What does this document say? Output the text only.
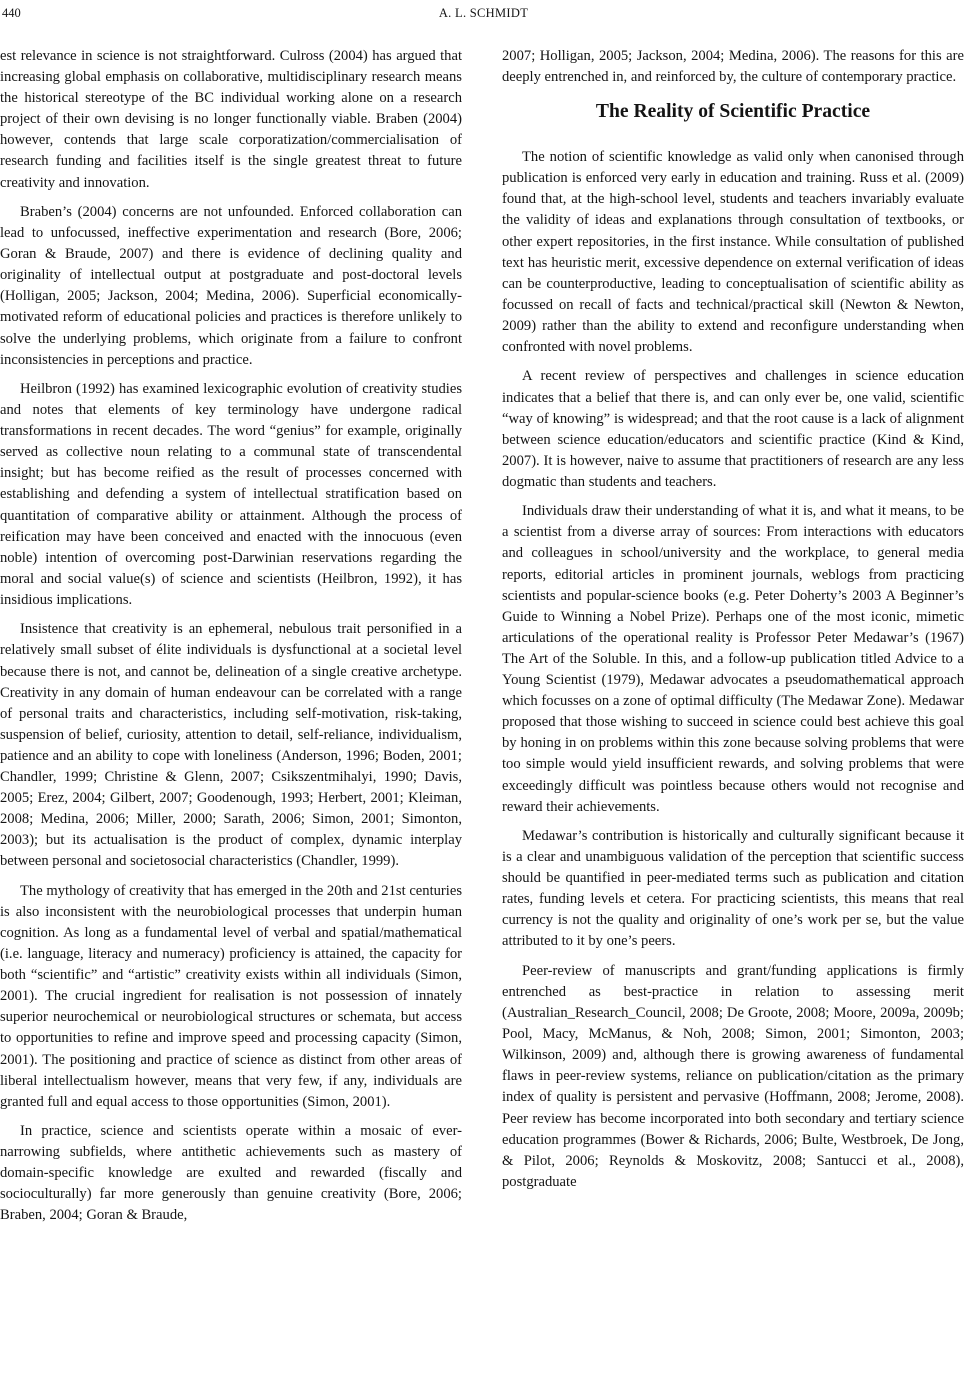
440	A. L. SCHMIDT

est relevance in science is not straightforward. Culross (2004) has argued that increasing global emphasis on collaborative, multidisciplinary research means the historical stereotype of the BC individual working alone on a research project of their own devising is no longer functionally viable. Braben (2004) however, contends that large scale corporatization/commercialisation of research funding and facilities itself is the single greatest threat to future creativity and innovation.

Braben’s (2004) concerns are not unfounded. Enforced collaboration can lead to unfocussed, ineffective experimentation and research (Bore, 2006; Goran & Braude, 2007) and there is evidence of declining quality and originality of intellectual output at postgraduate and post-doctoral levels (Holligan, 2005; Jackson, 2004; Medina, 2006). Superficial economically-motivated reform of educational policies and practices is therefore unlikely to solve the underlying problems, which originate from a failure to confront inconsistencies in perceptions and practice.

Heilbron (1992) has examined lexicographic evolution of creativity studies and notes that elements of key terminology have undergone radical transformations in recent decades. The word “genius” for example, originally served as collective noun relating to a communal state of transcendental insight; but has become reified as the result of processes concerned with establishing and defending a system of intellectual stratification based on quantitation of comparative ability or attainment. Although the process of reification may have been conceived and enacted with the innocuous (even noble) intention of overcoming post-Darwinian reservations regarding the moral and social value(s) of science and scientists (Heilbron, 1992), it has insidious implications.

Insistence that creativity is an ephemeral, nebulous trait personified in a relatively small subset of élite individuals is dysfunctional at a societal level because there is not, and cannot be, delineation of a single creative archetype. Creativity in any domain of human endeavour can be correlated with a range of personal traits and characteristics, including self-motivation, risk-taking, suspension of belief, curiosity, attention to detail, self-reliance, individualism, patience and an ability to cope with loneliness (Anderson, 1996; Boden, 2001; Chandler, 1999; Christine & Glenn, 2007; Csikszentmihalyi, 1990; Davis, 2005; Erez, 2004; Gilbert, 2007; Goodenough, 1993; Herbert, 2001; Kleiman, 2008; Medina, 2006; Miller, 2000; Sarath, 2006; Simon, 2001; Simonton, 2003); but its actualisation is the product of complex, dynamic interplay between personal and societosocial characteristics (Chandler, 1999).

The mythology of creativity that has emerged in the 20th and 21st centuries is also inconsistent with the neurobiological processes that underpin human cognition. As long as a fundamental level of verbal and spatial/mathematical (i.e. language, literacy and numeracy) proficiency is attained, the capacity for both “scientific” and “artistic” creativity exists within all individuals (Simon, 2001). The crucial ingredient for realisation is not possession of innately superior neurochemical or neurobiological structures or schemata, but access to opportunities to refine and improve speed and processing capacity (Simon, 2001). The positioning and practice of science as distinct from other areas of liberal intellectualism however, means that very few, if any, individuals are granted full and equal access to those opportunities (Simon, 2001).

In practice, science and scientists operate within a mosaic of ever-narrowing subfields, where antithetic achievements such as mastery of domain-specific knowledge are exulted and rewarded (fiscally and socioculturally) far more generously than genuine creativity (Bore, 2006; Braben, 2004; Goran & Braude,

2007; Holligan, 2005; Jackson, 2004; Medina, 2006). The reasons for this are deeply entrenched in, and reinforced by, the culture of contemporary practice.

The Reality of Scientific Practice

The notion of scientific knowledge as valid only when canonised through publication is enforced very early in education and training. Russ et al. (2009) found that, at the high-school level, students and teachers invariably evaluate the validity of ideas and explanations through consultation of textbooks, or other expert repositories, in the first instance. While consultation of published text has heuristic merit, excessive dependence on external verification of ideas can be counterproductive, leading to conceptualisation of scientific ability as focussed on recall of facts and technical/practical skill (Newton & Newton, 2009) rather than the ability to extend and reconfigure understanding when confronted with novel problems.

A recent review of perspectives and challenges in science education indicates that a belief that there is, and can only ever be, one valid, scientific “way of knowing” is widespread; and that the root cause is a lack of alignment between science education/educators and scientific practice (Kind & Kind, 2007). It is however, naive to assume that practitioners of research are any less dogmatic than students and teachers.

Individuals draw their understanding of what it is, and what it means, to be a scientist from a diverse array of sources: From interactions with educators and colleagues in school/university and the workplace, to general media reports, editorial articles in prominent journals, weblogs from practicing scientists and popular-science books (e.g. Peter Doherty’s 2003 A Beginner’s Guide to Winning a Nobel Prize). Perhaps one of the most iconic, mimetic articulations of the operational reality is Professor Peter Medawar’s (1967) The Art of the Soluble. In this, and a follow-up publication titled Advice to a Young Scientist (1979), Medawar advocates a pseudomathematical approach which focusses on a zone of optimal difficulty (The Medawar Zone). Medawar proposed that those wishing to succeed in science could best achieve this goal by honing in on problems within this zone because solving problems that were too simple would yield insufficient rewards, and solving problems that were exceedingly difficult was pointless because others would not recognise and reward their achievements.

Medawar’s contribution is historically and culturally significant because it is a clear and unambiguous validation of the perception that scientific success should be quantified in peer-mediated terms such as publication and citation rates, funding levels et cetera. For practicing scientists, this means that real currency is not the quality and originality of one’s work per se, but the value attributed to it by one’s peers.

Peer-review of manuscripts and grant/funding applications is firmly entrenched as best-practice in relation to assessing merit (Australian_Research_Council, 2008; De Groote, 2008; Moore, 2009a, 2009b; Pool, Macy, McManus, & Noh, 2008; Simon, 2001; Simonton, 2003; Wilkinson, 2009) and, although there is growing awareness of fundamental flaws in peer-review systems, reliance on publication/citation as the primary index of quality is persistent and pervasive (Hoffmann, 2008; Jerome, 2008). Peer review has become incorporated into both secondary and tertiary science education programmes (Bower & Richards, 2006; Bulte, Westbroek, De Jong, & Pilot, 2006; Reynolds & Moskovitz, 2008; Santucci et al., 2008), postgraduate
